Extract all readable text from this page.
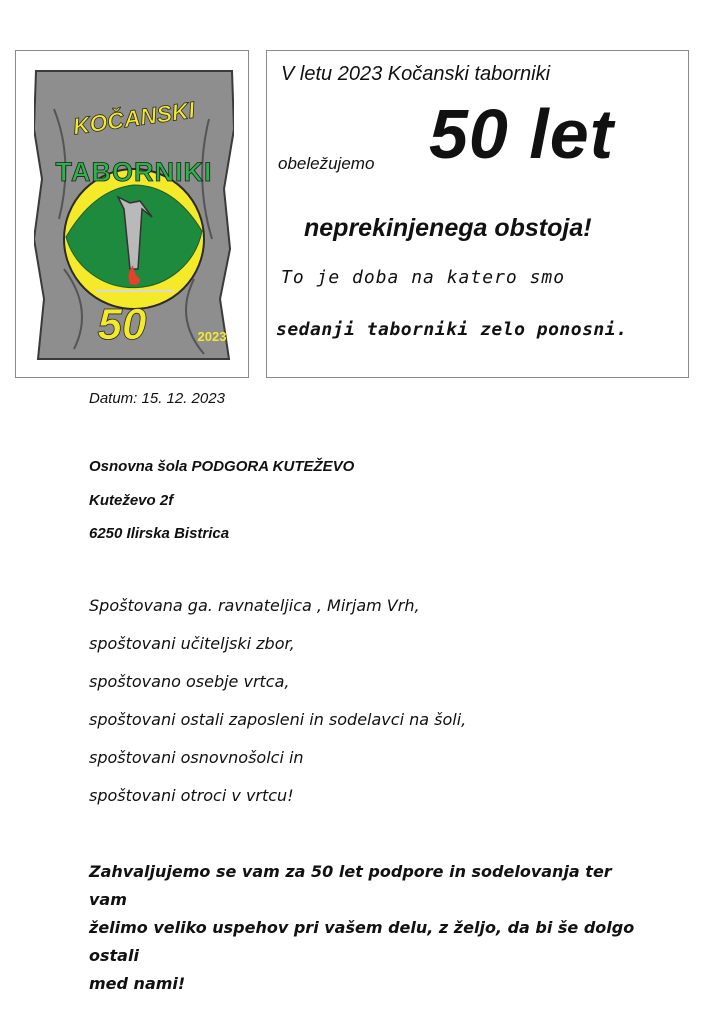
KOČANSKI
TABORNIKI
50	2023
V letu 2023 Kočanski taborniki
obeležujemo 50 let
neprekinjenega obstoja!
To je doba na katero smo
sedanji taborniki zelo ponosni.
Datum: 15. 12. 2023
Osnovna šola PODGORA KUTEŽEVO
Kuteževo 2f
6250 Ilirska Bistrica
Spoštovana ga. ravnateljica , Mirjam Vrh,
spoštovani učiteljski zbor,
spoštovano osebje vrtca,
spoštovani ostali zaposleni in sodelavci na šoli,
spoštovani osnovnošolci in
spoštovani otroci v vrtcu!
Zahvaljujemo se vam za 50 let podpore in sodelovanja ter vam
želimo veliko uspehov pri vašem delu, z željo, da bi še dolgo ostali
med nami!
